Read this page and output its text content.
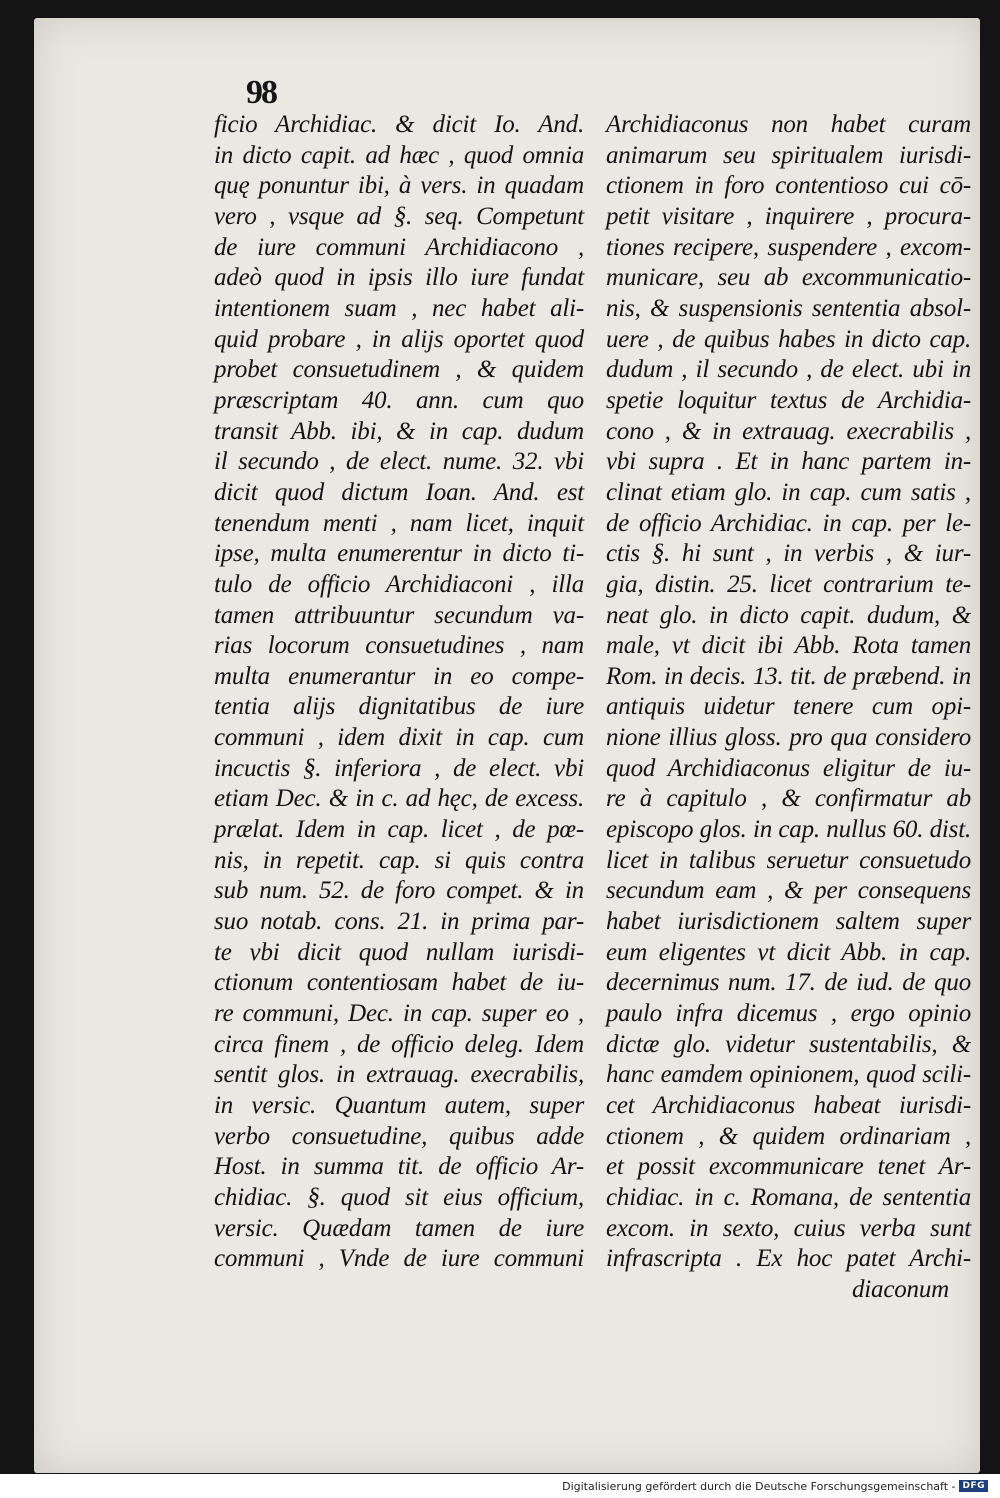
98
ficio Archidiac. & dicit Io. And.
in dicto capit. ad hæc , quod omnia
quę ponuntur ibi, à vers. in quadam
vero , vsque ad §. seq. Competunt
de iure communi Archidiacono ,
adeò quod in ipsis illo iure fundat
intentionem suam , nec habet ali-
quid probare , in alijs oportet quod
probet consuetudinem , & quidem
præscriptam 40. ann. cum quo
transit Abb. ibi, & in cap. dudum
il secundo , de elect. nume. 32. vbi
dicit quod dictum Ioan. And. est
tenendum menti , nam licet, inquit
ipse, multa enumerentur in dicto ti-
tulo de officio Archidiaconi , illa
tamen attribuuntur secundum va-
rias locorum consuetudines , nam
multa enumerantur in eo compe-
tentia alijs dignitatibus de iure
communi , idem dixit in cap. cum
incuctis §. inferiora , de elect. vbi
etiam Dec. & in c. ad hęc, de excess.
prælat. Idem in cap. licet , de pœ-
nis, in repetit. cap. si quis contra
sub num. 52. de foro compet. & in
suo notab. cons. 21. in prima par-
te vbi dicit quod nullam iurisdi-
ctionum contentiosam habet de iu-
re communi, Dec. in cap. super eo ,
circa finem , de officio deleg. Idem
sentit glos. in extrauag. execrabilis,
in versic. Quantum autem, super
verbo consuetudine, quibus adde
Host. in summa tit. de officio Ar-
chidiac. §. quod sit eius officium,
versic. Quædam tamen de iure
communi , Vnde de iure communi
Archidiaconus non habet curam
animarum seu spiritualem iurisdi-
ctionem in foro contentioso cui cō-
petit visitare , inquirere , procura-
tiones recipere, suspendere , excom-
municare, seu ab excommunicatio-
nis, & suspensionis sententia absol-
uere , de quibus habes in dicto cap.
dudum , il secundo , de elect. ubi in
spetie loquitur textus de Archidia-
cono , & in extrauag. execrabilis ,
vbi supra . Et in hanc partem in-
clinat etiam glo. in cap. cum satis ,
de officio Archidiac. in cap. per le-
ctis §. hi sunt , in verbis , & iur-
gia, distin. 25. licet contrarium te-
neat glo. in dicto capit. dudum, &
male, vt dicit ibi Abb. Rota tamen
Rom. in decis. 13. tit. de præbend. in
antiquis uidetur tenere cum opi-
nione illius gloss. pro qua considero
quod Archidiaconus eligitur de iu-
re à capitulo , & confirmatur ab
episcopo glos. in cap. nullus 60. dist.
licet in talibus seruetur consuetudo
secundum eam , & per consequens
habet iurisdictionem saltem super
eum eligentes vt dicit Abb. in cap.
decernimus num. 17. de iud. de quo
paulo infra dicemus , ergo opinio
dictæ glo. videtur sustentabilis, &
hanc eamdem opinionem, quod scili-
cet Archidiaconus habeat iurisdi-
ctionem , & quidem ordinariam ,
et possit excommunicare tenet Ar-
chidiac. in c. Romana, de sententia
excom. in sexto, cuius verba sunt
infrascripta . Ex hoc patet Archi-
diaconum
Digitalisierung gefördert durch die Deutsche Forschungsgemeinschaft - DFG
